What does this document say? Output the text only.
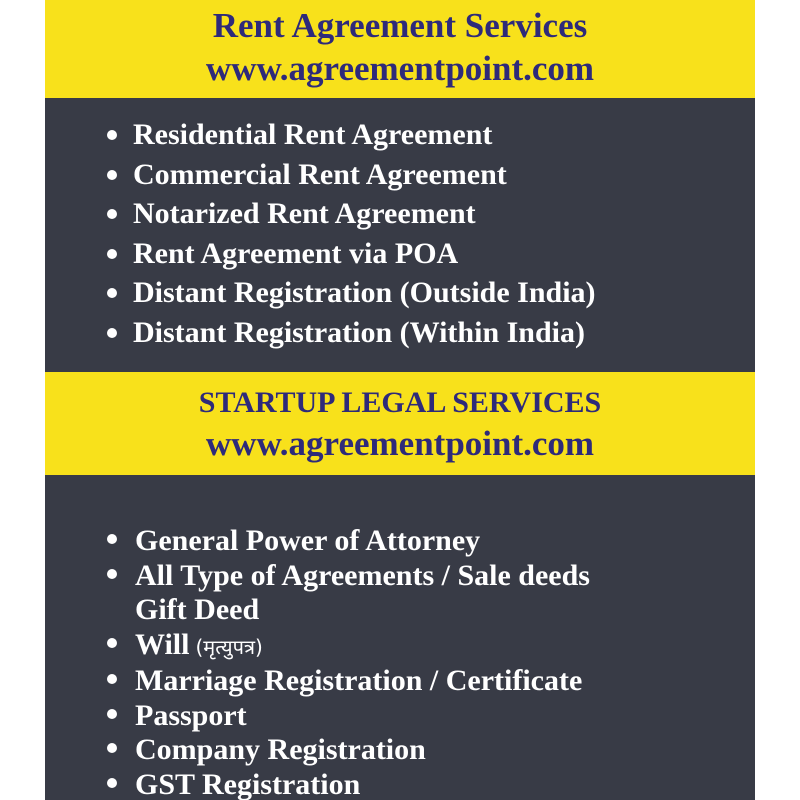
Rent Agreement Services
www.agreementpoint.com
Residential Rent Agreement
Commercial Rent Agreement
Notarized Rent Agreement
Rent Agreement via POA
Distant Registration (Outside India)
Distant Registration (Within India)
STARTUP LEGAL SERVICES
www.agreementpoint.com
General Power of Attorney
All Type of Agreements / Sale deeds
Gift Deed
Will (मृत्युपत्र)
Marriage Registration / Certificate
Passport
Company Registration
GST Registration
